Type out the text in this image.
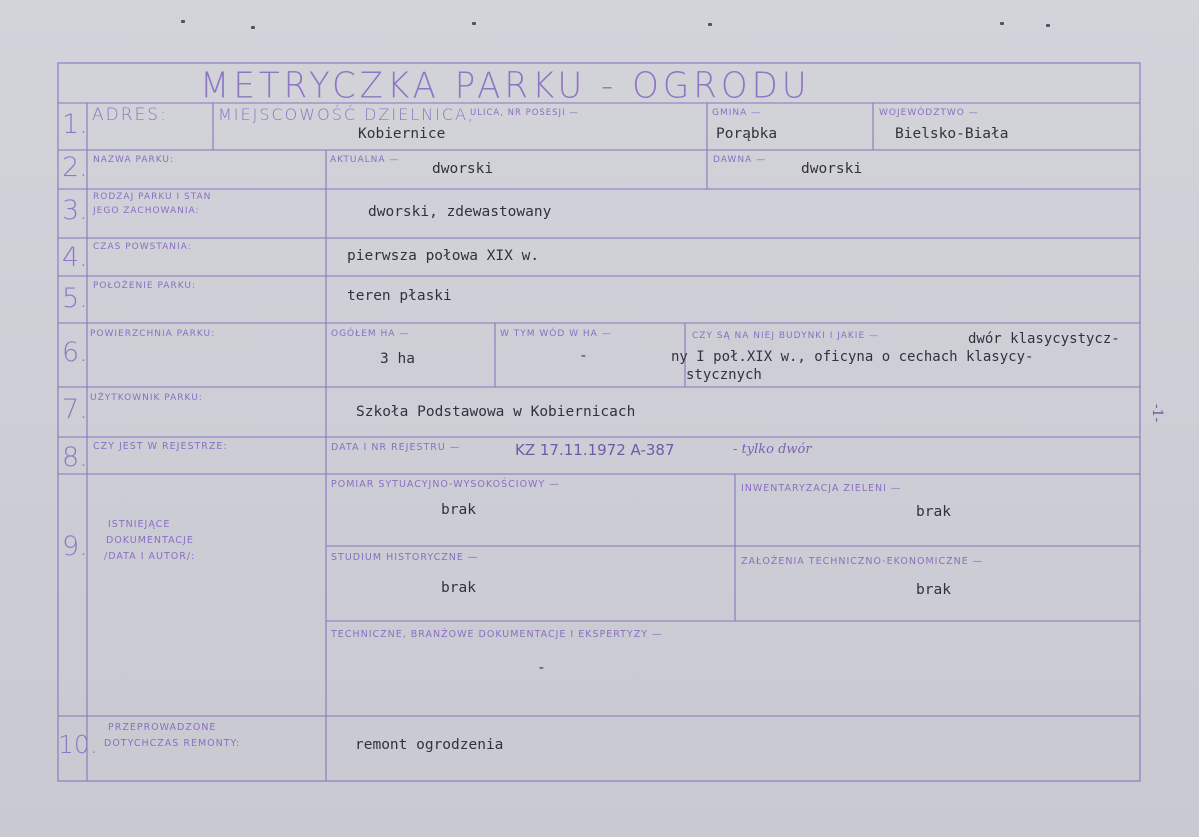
METRYCZKA PARKU - OGRODU
1. ADRES:	MIEJSCOWOŚĆ DZIELNICA,
ULICA, NR POSESJI —
Kobiernice
GMINA —
Porąbka
WOJEWÓDZTWO —
Bielsko-Biała
2. NAZWA PARKU:	AKTUALNA —
dworski
DAWNA —
dworski
3. RODZAJ PARKU I STAN
JEGO ZACHOWANIA:	dworski, zdewastowany
4. CZAS POWSTANIA:
pierwsza połowa XIX w.
5. POŁOŻENIE PARKU:
teren płaski
6.
POWIERZCHNIA PARKU:	OGÓŁEM HA —
3 ha
W TYM WÓD W HA —
-
CZY SĄ NA NIEJ BUDYNKI I JAKIE —	dwór klasycystycz-
ny I poł.XIX w., oficyna o cechach klasycy-
stycznych
7. UŻYTKOWNIK PARKU:
Szkoła Podstawowa w Kobiernicach
8. CZY JEST W REJESTRZE:	DATA I NR REJESTRU —	KZ 17.11.1972 A-387	- tylko dwór
9.
ISTNIEJĄCE
DOKUMENTACJE
/DATA I AUTOR/:
POMIAR SYTUACYJNO-WYSOKOŚCIOWY —
brak
INWENTARYZACJA ZIELENI —
brak
STUDIUM HISTORYCZNE —
brak
ZAŁOŻENIA TECHNICZNO-EKONOMICZNE —
brak
TECHNICZNE, BRANŻOWE DOKUMENTACJE I EKSPERTYZY —
-
10.
PRZEPROWADZONE
DOTYCHCZAS REMONTY:	remont ogrodzenia
-1-
